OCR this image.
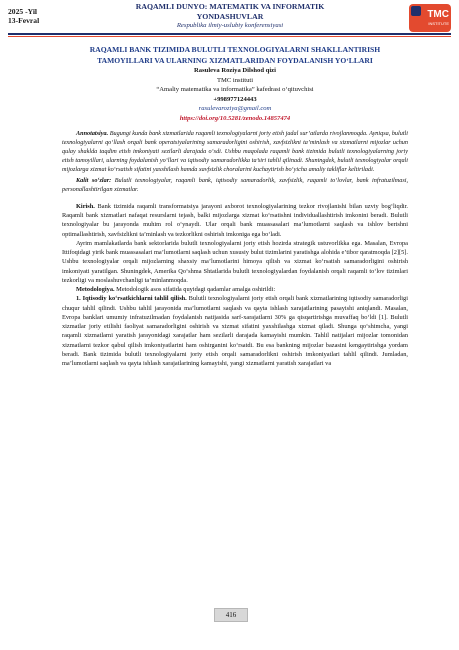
2025 -Yil
13-Fevral
RAQAMLI DUNYO: MATEMATIK VA INFORMATIK
YONDASHUVLAR
Respublika ilmiy-uslubiy konferensiyasi
TMC
INSTITUTE

RAQAMLI BANK TIZIMIDA BULUTLI TEXNOLOGIYALARNI SHAKLLANTIRISH

TAMOYILLARI VA ULARNING XIZMATLARIDAN FOYDALANISH YO‘LLARI

Rasuleva Roziya Dilshod qizi

TMC instituti

“Amaliy matematika va informatika” kafedrasi o‘qituvchisi

+998977124443

rasulevaroziya@gmail.com

https://doi.org/10.5281/zenodo.14857474

Annotatsiya. Bugungi kunda bank xizmatlarida raqamli texnologiyalarni joriy etish jadal sur’atlarda rivojlanmoqda. Ayniqsa, bulutli texnologiyalarni qo‘llash orqali bank operatsiyalarining samaradorligini oshirish, xavfsizlikni ta’minlash va xizmatlarni mijozlar uchun qulay shaklda taqdim etish imkoniyati sezilarli darajada o‘sdi. Ushbu maqolada raqamli bank tizimida bulutli texnologiyalarning joriy etish tamoyillari, ularning foydalanish yo‘llari va iqtisodiy samaradorlikka ta’siri tahlil qilinadi. Shuningdek, bulutli texnologiyalar orqali mijozlarga xizmat ko‘rsatish sifatini yaxshilash hamda xavfsizlik choralarini kuchaytirish bo‘yicha amaliy takliflar keltiriladi.

Kalit so‘zlar: Bulutli texnologiyalar, raqamli bank, iqtisodiy samaradorlik, xavfsizlik, raqamli to‘lovlar, bank infratuzilmasi, personallashtirilgan xizmatlar.

Kirish. Bank tizimida raqamli transformatsiya jarayoni axborot texnologiyalarining tezkor rivojlanishi bilan uzviy bog‘liqdir. Raqamli bank xizmatlari nafaqat resurslarni tejash, balki mijozlarga xizmat ko‘rsatishni individuallashtirish imkonini beradi. Bulutli texnologiyalar bu jarayonda muhim rol o‘ynaydi. Ular orqali bank muassasalari ma’lumotlarni saqlash va ishlov berishni optimallashtirish, xavfsizlikni ta’minlash va tezkorlikni oshirish imkoniga ega bo‘ladi.

Ayrim mamlakatlarda bank sektorlarida bulutli texnologiyalarni joriy etish hozirda strategik ustuvorlikka ega. Masalan, Evropa Ittifoqidagi yirik bank muassasalari ma’lumotlarni saqlash uchun xususiy bulut tizimlarini yaratishga alohida e’tibor qaratmoqda [2][5]. Ushbu texnologiyalar orqali mijozlarning shaxsiy ma’lumotlarini himoya qilish va xizmat ko‘rsatish samaradorligini oshirish imkoniyati yaratilgan. Shuningdek, Amerika Qo‘shma Shtatlarida bulutli texnologiyalardan foydalanish orqali raqamli to‘lov tizimlari tezkorligi va moslashuvchanligi ta’minlanmoqda.

Metodologiya. Metodologik asos sifatida quyidagi qadamlar amalga oshirildi:

1. Iqtisodiy ko‘rsatkichlarni tahlil qilish. Bulutli texnologiyalarni joriy etish orqali bank xizmatlarining iqtisodiy samaradorligi chuqur tahlil qilindi. Ushbu tahlil jarayonida ma’lumotlarni saqlash va qayta ishlash xarajatlarining pasayishi aniqlandi. Masalan, Evropa banklari umumiy infratuzilmadan foydalanish natijasida sarf-xarajatlarni 30% ga qisqartirishga muvaffaq bo‘ldi [1]. Bulutli xizmatlar joriy etilishi faoliyat samaradorligini oshirish va xizmat sifatini yaxshilashga xizmat qiladi. Shunga qo‘shimcha, yangi raqamli xizmatlarni yaratish jarayonidagi xarajatlar ham sezilarli darajada kamayishi mumkin. Tahlil natijalari mijozlar tomonidan xizmatlarni tezkor qabul qilish imkoniyatlarini ham oshirganini ko‘rsatdi. Bu esa bankning mijozlar bazasini kengaytirishga yordam beradi. Bank tizimida bulutli texnologiyalarni joriy etish orqali samaradorlikni oshirish imkoniyatlari tahlil qilindi. Jumladan, ma’lumotlarni saqlash va qayta ishlash xarajatlarining kamayishi, yangi xizmatlarni yaratish xarajatlari va

416
